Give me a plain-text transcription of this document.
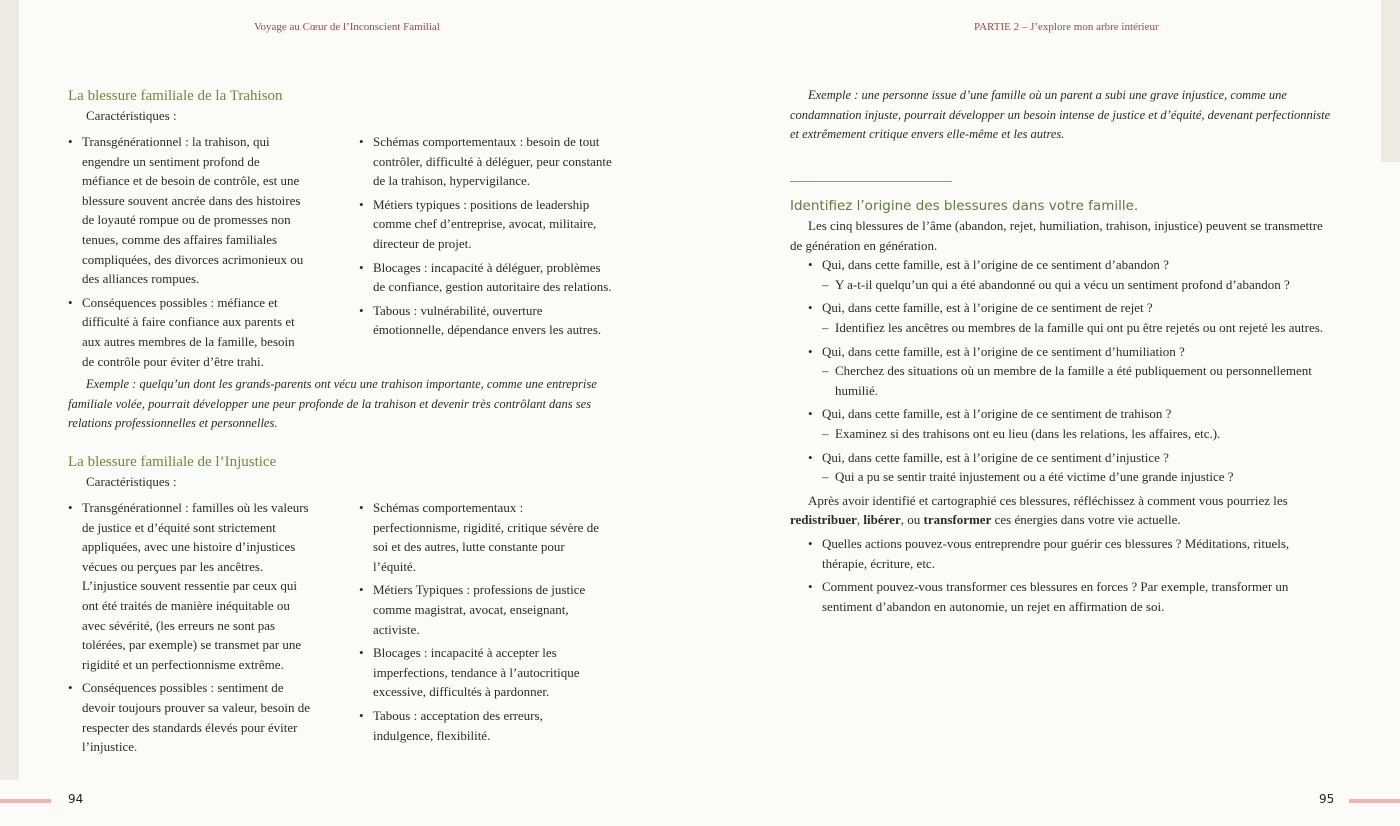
Voyage au Cœur de l’Inconscient Familial	PARTIE 2 – J’explore mon arbre intérieur
La blessure familiale de la Trahison

Caractéristiques :

• Transgénérationnel : la trahison, qui engendre un sentiment profond de méfiance et de besoin de contrôle, est une blessure souvent ancrée dans des histoires de loyauté rompue ou de promesses non tenues, comme des affaires familiales compliquées, des divorces acrimonieux ou des alliances rompues.
• Conséquences possibles : méfiance et difficulté à faire confiance aux parents et aux autres membres de la famille, besoin de contrôle pour éviter d’être trahi.
• Schémas comportementaux : besoin de tout contrôler, difficulté à déléguer, peur constante de la trahison, hypervigilance.
• Métiers typiques : positions de leadership comme chef d’entreprise, avocat, militaire, directeur de projet.
• Blocages : incapacité à déléguer, problèmes de confiance, gestion autoritaire des relations.
• Tabous : vulnérabilité, ouverture émotionnelle, dépendance envers les autres.

Exemple : quelqu’un dont les grands-parents ont vécu une trahison importante, comme une entreprise familiale volée, pourrait développer une peur profonde de la trahison et devenir très contrôlant dans ses relations professionnelles et personnelles.

La blessure familiale de l’Injustice

Caractéristiques :

• Transgénérationnel : familles où les valeurs de justice et d’équité sont strictement appliquées, avec une histoire d’injustices vécues ou perçues par les ancêtres. L’injustice souvent ressentie par ceux qui ont été traités de manière inéquitable ou avec sévérité, (les erreurs ne sont pas tolérées, par exemple) se transmet par une rigidité et un perfectionnisme extrême.
• Conséquences possibles : sentiment de devoir toujours prouver sa valeur, besoin de respecter des standards élevés pour éviter l’injustice.
• Schémas comportementaux : perfectionnisme, rigidité, critique sévère de soi et des autres, lutte constante pour l’équité.
• Métiers Typiques : professions de justice comme magistrat, avocat, enseignant, activiste.
• Blocages : incapacité à accepter les imperfections, tendance à l’autocritique excessive, difficultés à pardonner.
• Tabous : acceptation des erreurs, indulgence, flexibilité.

Exemple : une personne issue d’une famille où un parent a subi une grave injustice, comme une condamnation injuste, pourrait développer un besoin intense de justice et d’équité, devenant perfectionniste et extrêmement critique envers elle-même et les autres.

Identifiez l’origine des blessures dans votre famille.

Les cinq blessures de l’âme (abandon, rejet, humiliation, trahison, injustice) peuvent se transmettre de génération en génération.

• Qui, dans cette famille, est à l’origine de ce sentiment d’abandon ?
– Y a-t-il quelqu’un qui a été abandonné ou qui a vécu un sentiment profond d’abandon ?
• Qui, dans cette famille, est à l’origine de ce sentiment de rejet ?
– Identifiez les ancêtres ou membres de la famille qui ont pu être rejetés ou ont rejeté les autres.
• Qui, dans cette famille, est à l’origine de ce sentiment d’humiliation ?
– Cherchez des situations où un membre de la famille a été publiquement ou personnellement humilié.
• Qui, dans cette famille, est à l’origine de ce sentiment de trahison ?
– Examinez si des trahisons ont eu lieu (dans les relations, les affaires, etc.).
• Qui, dans cette famille, est à l’origine de ce sentiment d’injustice ?
– Qui a pu se sentir traité injustement ou a été victime d’une grande injustice ?

Après avoir identifié et cartographié ces blessures, réfléchissez à comment vous pourriez les redistribuer, libérer, ou transformer ces énergies dans votre vie actuelle.

• Quelles actions pouvez-vous entreprendre pour guérir ces blessures ? Méditations, rituels, thérapie, écriture, etc.
• Comment pouvez-vous transformer ces blessures en forces ? Par exemple, transformer un sentiment d’abandon en autonomie, un rejet en affirmation de soi.
94	95
